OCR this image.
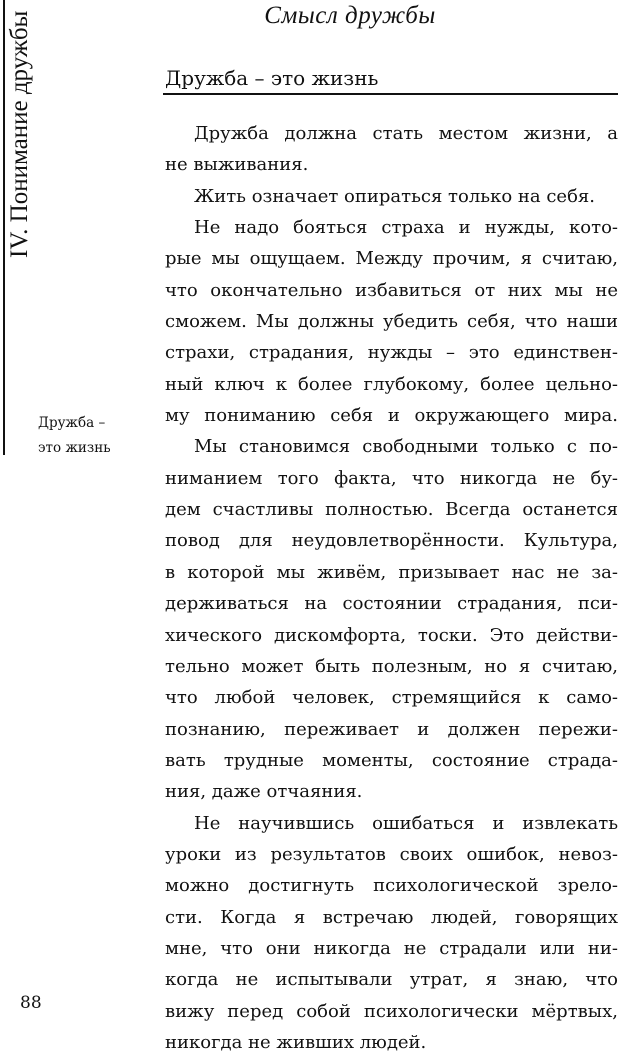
Смысл дружбы
Дружба – это жизнь
IV. Понимание дружбы
Дружба –
это жизнь
Дружба должна стать местом жизни, а
не выживания.
Жить означает опираться только на себя.
Не надо бояться страха и нужды, кото-
рые мы ощущаем. Между прочим, я считаю,
что окончательно избавиться от них мы не
сможем. Мы должны убедить себя, что наши
страхи, страдания, нужды – это единствен-
ный ключ к более глубокому, более цельно-
му пониманию себя и окружающего мира.
Мы становимся свободными только с по-
ниманием того факта, что никогда не бу-
дем счастливы полностью. Всегда останется
повод для неудовлетворённости. Культура,
в которой мы живём, призывает нас не за-
держиваться на состоянии страдания, пси-
хического дискомфорта, тоски. Это действи-
тельно может быть полезным, но я считаю,
что любой человек, стремящийся к само-
познанию, переживает и должен пережи-
вать трудные моменты, состояние страда-
ния, даже отчаяния.
Не научившись ошибаться и извлекать
уроки из результатов своих ошибок, невоз-
можно достигнуть психологической зрело-
сти. Когда я встречаю людей, говорящих
мне, что они никогда не страдали или ни-
когда не испытывали утрат, я знаю, что
вижу перед собой психологически мёртвых,
никогда не живших людей.
88
